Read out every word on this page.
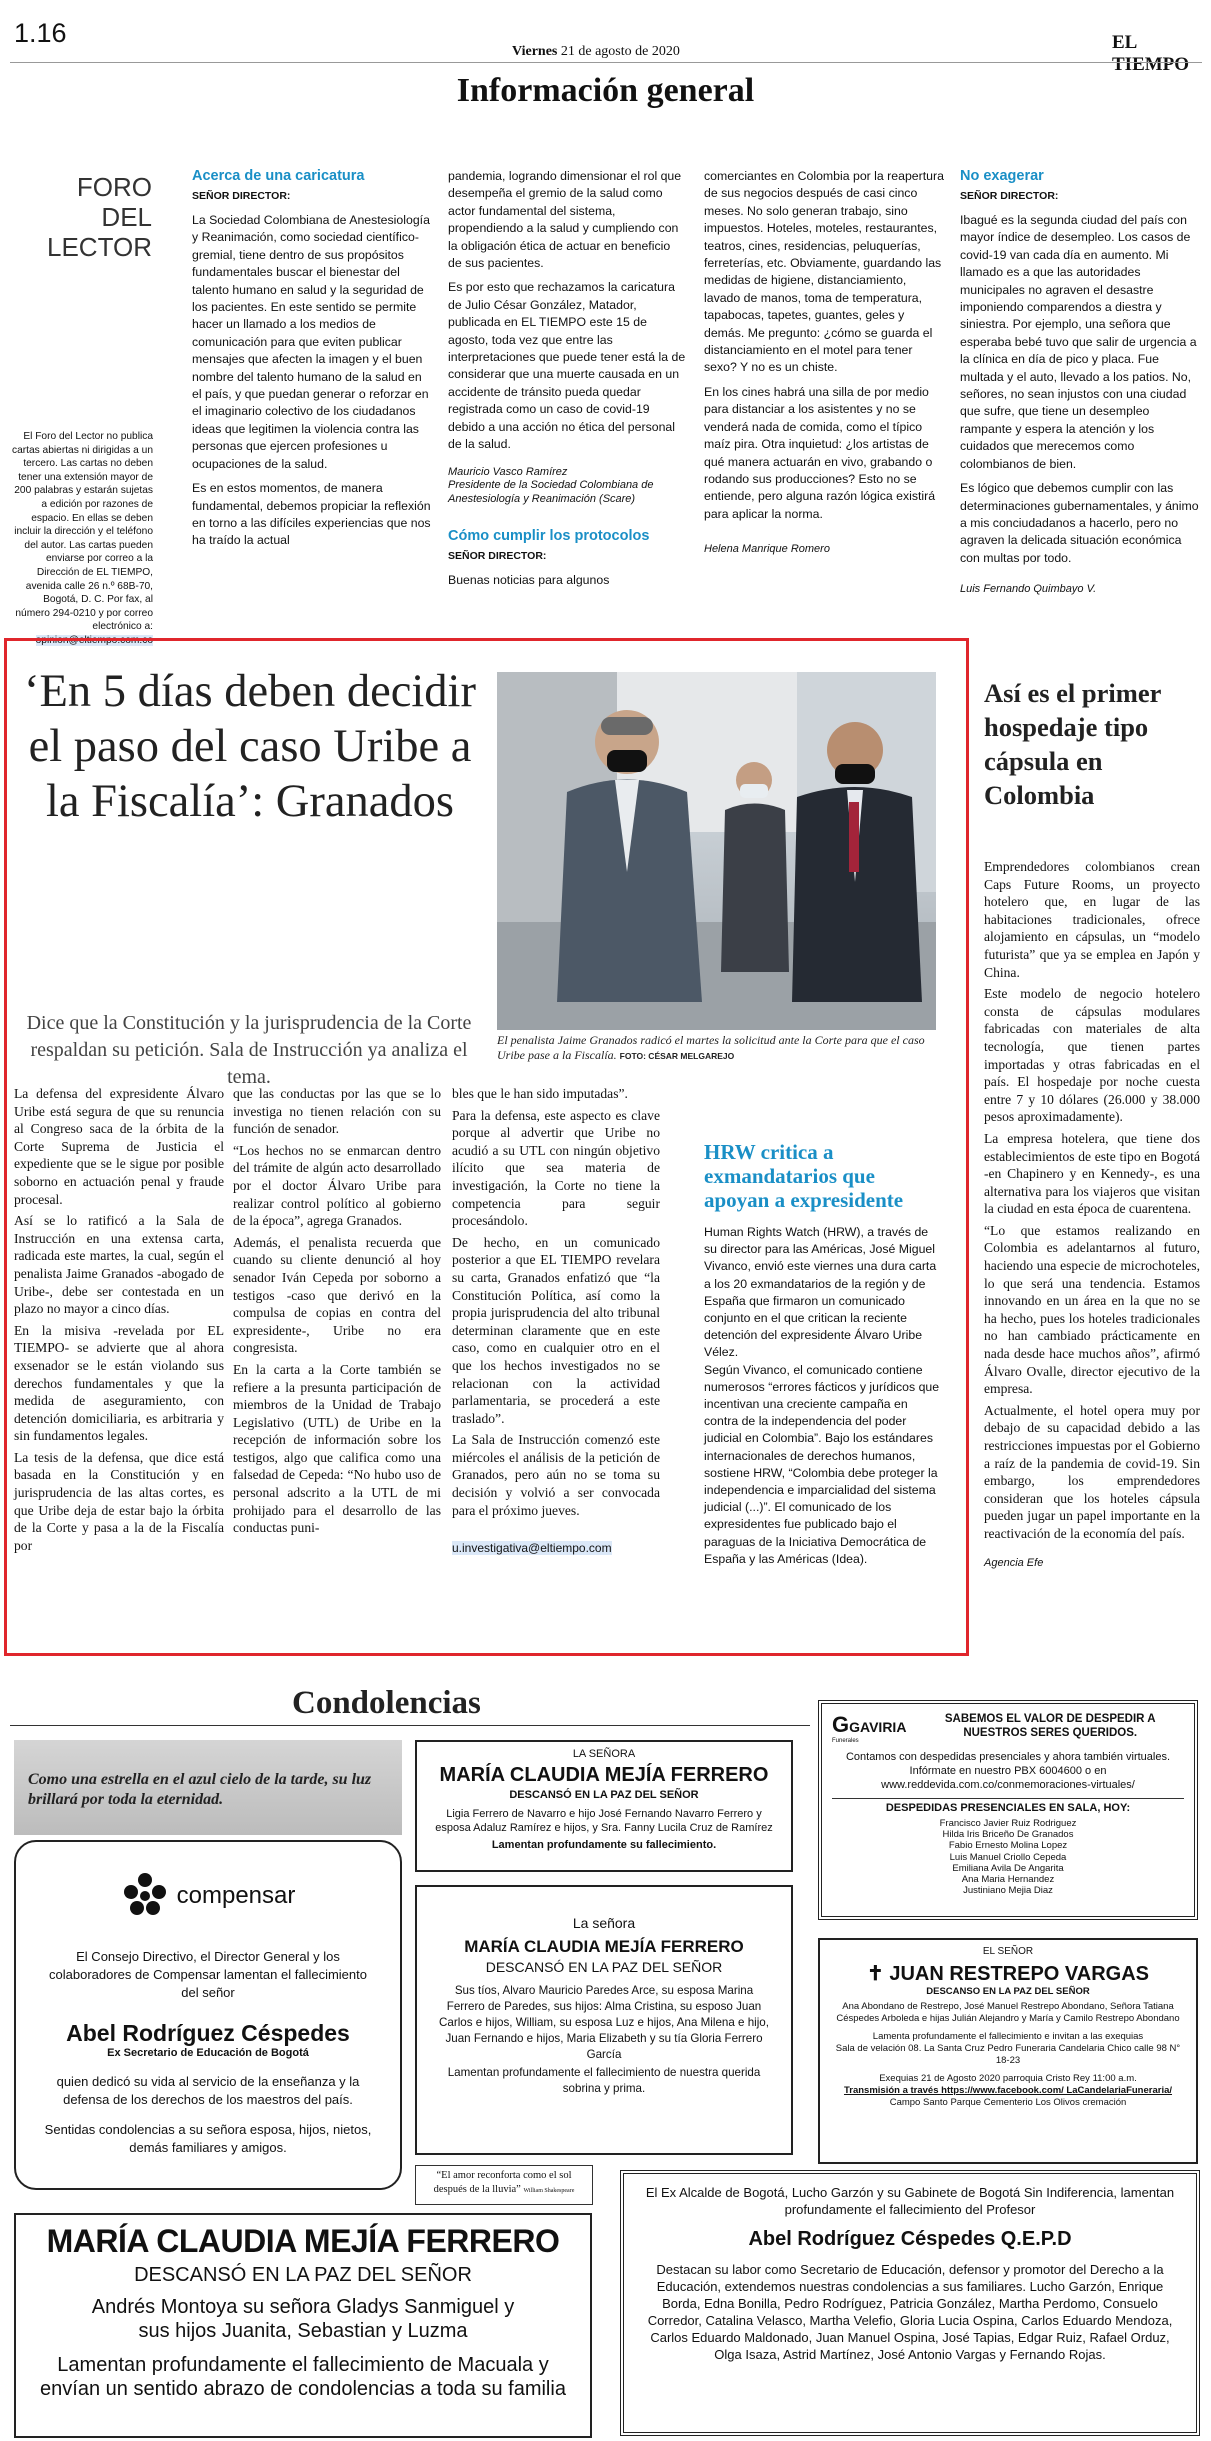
1.16
Viernes 21 de agosto de 2020	EL TIEMPO
Información general
FORO DEL LECTOR
El Foro del Lector no publica cartas abiertas ni dirigidas a un tercero. Las cartas no deben tener una extensión mayor de 200 palabras y estarán sujetas a edición por razones de espacio. En ellas se deben incluir la dirección y el teléfono del autor. Las cartas pueden enviarse por correo a la Dirección de EL TIEMPO, avenida calle 26 n.º 68B-70, Bogotá, D. C. Por fax, al número 294-0210 y por correo electrónico a: opinion@eltiempo.com.co
Acerca de una caricatura
SEÑOR DIRECTOR:

La Sociedad Colombiana de Anestesiología y Reanimación, como sociedad científico-gremial, tiene dentro de sus propósitos fundamentales buscar el bienestar del talento humano en salud y la seguridad de los pacientes. En este sentido se permite hacer un llamado a los medios de comunicación para que eviten publicar mensajes que afecten la imagen y el buen nombre del talento humano de la salud en el país, y que puedan generar o reforzar en el imaginario colectivo de los ciudadanos ideas que legitimen la violencia contra las personas que ejercen profesiones u ocupaciones de la salud.

Es en estos momentos, de manera fundamental, debemos propiciar la reflexión en torno a las difíciles experiencias que nos ha traído la actual

pandemia, logrando dimensionar el rol que desempeña el gremio de la salud como actor fundamental del sistema, propendiendo a la salud y cumpliendo con la obligación ética de actuar en beneficio de sus pacientes.

Es por esto que rechazamos la caricatura de Julio César González, Matador, publicada en EL TIEMPO este 15 de agosto, toda vez que entre las interpretaciones que puede tener está la de considerar que una muerte causada en un accidente de tránsito pueda quedar registrada como un caso de covid-19 debido a una acción no ética del personal de la salud.

Mauricio Vasco Ramírez
Presidente de la Sociedad Colombiana de Anestesiología y Reanimación (Scare)
Cómo cumplir los protocolos
SEÑOR DIRECTOR:

Buenas noticias para algunos

comerciantes en Colombia por la reapertura de sus negocios después de casi cinco meses. No solo generan trabajo, sino impuestos. Hoteles, moteles, restaurantes, teatros, cines, residencias, peluquerías, ferreterías, etc. Obviamente, guardando las medidas de higiene, distanciamiento, lavado de manos, toma de temperatura, tapabocas, tapetes, guantes, geles y demás. Me pregunto: ¿cómo se guarda el distanciamiento en el motel para tener sexo? Y no es un chiste.

En los cines habrá una silla de por medio para distanciar a los asistentes y no se venderá nada de comida, como el típico maíz pira. Otra inquietud: ¿los artistas de qué manera actuarán en vivo, grabando o rodando sus producciones? Esto no se entiende, pero alguna razón lógica existirá para aplicar la norma.

Helena Manrique Romero
No exagerar
SEÑOR DIRECTOR:

Ibagué es la segunda ciudad del país con mayor índice de desempleo. Los casos de covid-19 van cada día en aumento. Mi llamado es a que las autoridades municipales no agraven el desastre imponiendo comparendos a diestra y siniestra. Por ejemplo, una señora que esperaba bebé tuvo que salir de urgencia a la clínica en día de pico y placa. Fue multada y el auto, llevado a los patios. No, señores, no sean injustos con una ciudad que sufre, que tiene un desempleo rampante y espera la atención y los cuidados que merecemos como colombianos de bien.

Es lógico que debemos cumplir con las determinaciones gubernamentales, y ánimo a mis conciudadanos a hacerlo, pero no agraven la delicada situación económica con multas por todo.

Luis Fernando Quimbayo V.
‘En 5 días deben decidir el paso del caso Uribe a la Fiscalía’: Granados
Dice que la Constitución y la jurisprudencia de la Corte respaldan su petición. Sala de Instrucción ya analiza el tema.
El penalista Jaime Granados radicó el martes la solicitud ante la Corte para que el caso Uribe pase a la Fiscalía. FOTO: CÉSAR MELGAREJO

La defensa del expresidente Álvaro Uribe está segura de que su renuncia al Congreso saca de la órbita de la Corte Suprema de Justicia el expediente que se le sigue por posible soborno en actuación penal y fraude procesal.

Así se lo ratificó a la Sala de Instrucción en una extensa carta, radicada este martes, la cual, según el penalista Jaime Granados -abogado de Uribe-, debe ser contestada en un plazo no mayor a cinco días.

En la misiva -revelada por EL TIEMPO- se advierte que al ahora exsenador se le están violando sus derechos fundamentales y que la medida de aseguramiento, con detención domiciliaria, es arbitraria y sin fundamentos legales.

La tesis de la defensa, que dice está basada en la Constitución y en jurisprudencia de las altas cortes, es que Uribe deja de estar bajo la órbita de la Corte y pasa a la de la Fiscalía por

que las conductas por las que se lo investiga no tienen relación con su función de senador.

“Los hechos no se enmarcan dentro del trámite de algún acto desarrollado por el doctor Álvaro Uribe para realizar control político al gobierno de la época”, agrega Granados.

Además, el penalista recuerda que cuando su cliente denunció al hoy senador Iván Cepeda por soborno a testigos -caso que derivó en la compulsa de copias en contra del expresidente-, Uribe no era congresista.

En la carta a la Corte también se refiere a la presunta participación de miembros de la Unidad de Trabajo Legislativo (UTL) de Uribe en la recepción de información sobre los testigos, algo que califica como una falsedad de Cepeda: “No hubo uso de personal adscrito a la UTL de mi prohijado para el desarrollo de las conductas puni-

bles que le han sido imputadas”.

Para la defensa, este aspecto es clave porque al advertir que Uribe no acudió a su UTL con ningún objetivo ilícito que sea materia de investigación, la Corte no tiene la competencia para seguir procesándolo.

De hecho, en un comunicado posterior a que EL TIEMPO revelara su carta, Granados enfatizó que “la Constitución Política, así como la propia jurisprudencia del alto tribunal determinan claramente que en este caso, como en cualquier otro en el que los hechos investigados no se relacionan con la actividad parlamentaria, se procederá a este traslado”.

La Sala de Instrucción comenzó este miércoles el análisis de la petición de Granados, pero aún no se toma su decisión y volvió a ser convocada para el próximo jueves.

u.investigativa@eltiempo.com
HRW critica a exmandatarios que apoyan a expresidente

Human Rights Watch (HRW), a través de su director para las Américas, José Miguel Vivanco, envió este viernes una dura carta a los 20 exmandatarios de la región y de España que firmaron un comunicado conjunto en el que critican la reciente detención del expresidente Álvaro Uribe Vélez.

Según Vivanco, el comunicado contiene numerosos “errores fácticos y jurídicos que incentivan una creciente campaña en contra de la independencia del poder judicial en Colombia”. Bajo los estándares internacionales de derechos humanos, sostiene HRW, “Colombia debe proteger la independencia e imparcialidad del sistema judicial (...)”. El comunicado de los expresidentes fue publicado bajo el paraguas de la Iniciativa Democrática de España y las Américas (Idea).

Así es el primer hospedaje tipo cápsula en Colombia

Emprendedores colombianos crean Caps Future Rooms, un proyecto hotelero que, en lugar de las habitaciones tradicionales, ofrece alojamiento en cápsulas, un “modelo futurista” que ya se emplea en Japón y China.

Este modelo de negocio hotelero consta de cápsulas modulares fabricadas con materiales de alta tecnología, que tienen partes importadas y otras fabricadas en el país. El hospedaje por noche cuesta entre 7 y 10 dólares (26.000 y 38.000 pesos aproximadamente).

La empresa hotelera, que tiene dos establecimientos de este tipo en Bogotá -en Chapinero y en Kennedy-, es una alternativa para los viajeros que visitan la ciudad en esta época de cuarentena.

“Lo que estamos realizando en Colombia es adelantarnos al futuro, haciendo una especie de microchoteles, lo que será una tendencia. Estamos innovando en un área en la que no se ha hecho, pues los hoteles tradicionales no han cambiado prácticamente en nada desde hace muchos años”, afirmó Álvaro Ovalle, director ejecutivo de la empresa.

Actualmente, el hotel opera muy por debajo de su capacidad debido a las restricciones impuestas por el Gobierno a raíz de la pandemia de covid-19. Sin embargo, los emprendedores consideran que los hoteles cápsula pueden jugar un papel importante en la reactivación de la economía del país.

Agencia Efe
Condolencias
Como una estrella en el azul cielo de la tarde, su luz brillará por toda la eternidad.
compensar
El Consejo Directivo, el Director General y los colaboradores de Compensar lamentan el fallecimiento del señor
Abel Rodríguez Céspedes
Ex Secretario de Educación de Bogotá
quien dedicó su vida al servicio de la enseñanza y la defensa de los derechos de los maestros del país.
Sentidas condolencias a su señora esposa, hijos, nietos, demás familiares y amigos.
LA SEÑORA
MARÍA CLAUDIA MEJÍA FERRERO
DESCANSÓ EN LA PAZ DEL SEÑOR
Ligia Ferrero de Navarro e hijo José Fernando Navarro Ferrero y esposa Adaluz Ramírez e hijos, y Sra. Fanny Lucila Cruz de Ramírez
Lamentan profundamente su fallecimiento.
La señora
MARÍA CLAUDIA MEJÍA FERRERO
DESCANSÓ EN LA PAZ DEL SEÑOR
Sus tíos, Alvaro Mauricio Paredes Arce, su esposa Marina Ferrero de Paredes, sus hijos: Alma Cristina, su esposo Juan Carlos e hijos, William, su esposa Luz e hijos, Ana Milena e hijo, Juan Fernando e hijos, Maria Elizabeth y su tía Gloria Ferrero García
Lamentan profundamente el fallecimiento de nuestra querida sobrina y prima.
“El amor reconforta como el sol después de la lluvia” William Shakespeare
MARÍA CLAUDIA MEJÍA FERRERO
DESCANSÓ EN LA PAZ DEL SEÑOR
Andrés Montoya su señora Gladys Sanmiguel y sus hijos Juanita, Sebastian y Luzma
Lamentan profundamente el fallecimiento de Macuala y envían un sentido abrazo de condolencias a toda su familia
GGAVIRIA
Funerales
SABEMOS EL VALOR DE DESPEDIR A NUESTROS SERES QUERIDOS.
Contamos con despedidas presenciales y ahora también virtuales. Infórmate en nuestro PBX 6004600 o en www.reddevida.com.co/conmemoraciones-virtuales/
DESPEDIDAS PRESENCIALES EN SALA, HOY:
Francisco Javier Ruiz Rodriguez
Hilda Iris Briceño De Granados
Fabio Ernesto Molina Lopez
Luis Manuel Criollo Cepeda
Emiliana Avila De Angarita
Ana Maria Hernandez
Justiniano Mejia Diaz
EL SEÑOR
✝ JUAN RESTREPO VARGAS
DESCANSO EN LA PAZ DEL SEÑOR
Ana Abondano de Restrepo, José Manuel Restrepo Abondano, Señora Tatiana Céspedes Arboleda e hijas Julián Alejandro y María y Camilo Restrepo Abondano
Lamenta profundamente el fallecimiento e invitan a las exequias
Sala de velación 08. La Santa Cruz Pedro Funeraria Candelaria Chico calle 98 N° 18-23
Exequias 21 de Agosto 2020 parroquia Cristo Rey 11:00 a.m.
Transmisión a través https://www.facebook.com/ LaCandelariaFuneraria/
Campo Santo Parque Cementerio Los Olivos cremación
El Ex Alcalde de Bogotá, Lucho Garzón y su Gabinete de Bogotá Sin Indiferencia, lamentan profundamente el fallecimiento del Profesor
Abel Rodríguez Céspedes Q.E.P.D
Destacan su labor como Secretario de Educación, defensor y promotor del Derecho a la Educación, extendemos nuestras condolencias a sus familiares. Lucho Garzón, Enrique Borda, Edna Bonilla, Pedro Rodríguez, Patricia González, Martha Perdomo, Consuelo Corredor, Catalina Velasco, Martha Velefio, Gloria Lucia Ospina, Carlos Eduardo Mendoza, Carlos Eduardo Maldonado, Juan Manuel Ospina, José Tapias, Edgar Ruiz, Rafael Orduz, Olga Isaza, Astrid Martínez, José Antonio Vargas y Fernando Rojas.
